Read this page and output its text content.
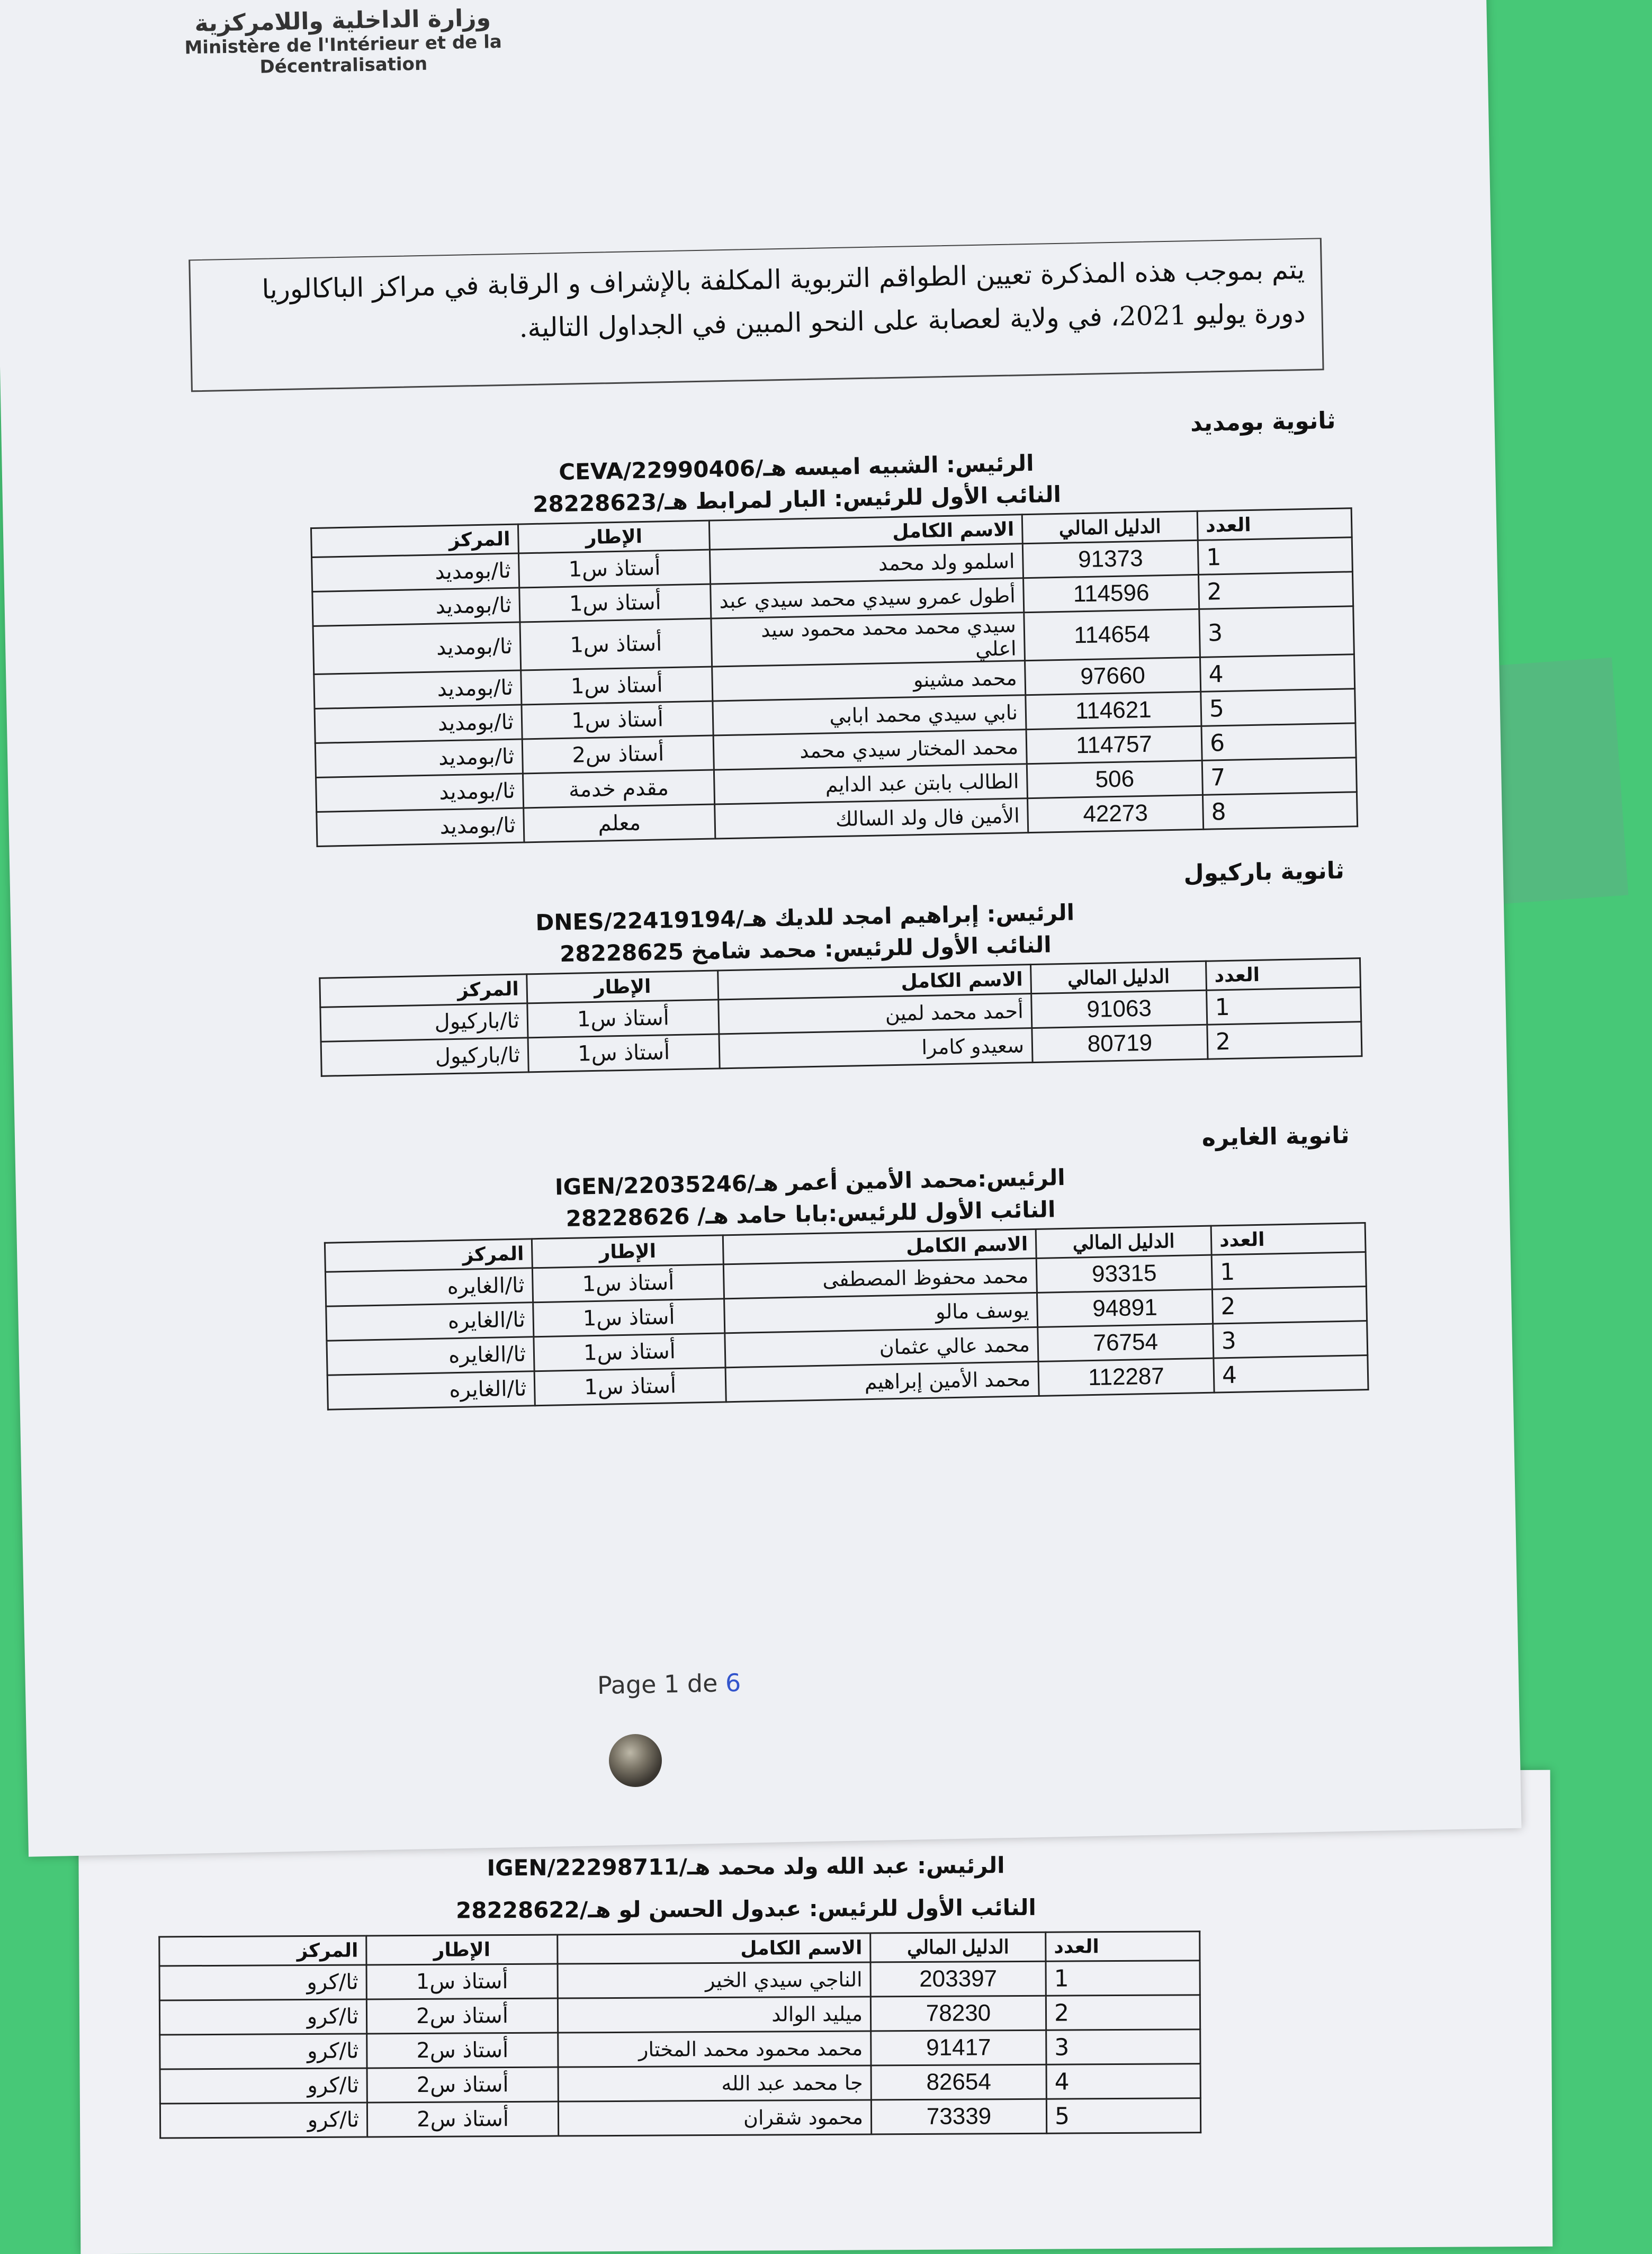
الرئيس: عبد الله ولد محمد هـ/IGEN/22298711
النائب الأول للرئيس: عبدول الحسن لو هـ/28228622
العدد	الدليل المالي	الاسم الكامل	الإطار	المركز
1	203397	الناجي سيدي الخير	أستاذ س1	ثا/كرو
2	78230	ميليد الوالد	أستاذ س2	ثا/كرو
3	91417	محمد محمود محمد المختار	أستاذ س2	ثا/كرو
4	82654	جا محمد عبد الله	أستاذ س2	ثا/كرو
5	73339	محمود شقران	أستاذ س2	ثا/كرو
وزارة الداخلية واللامركزية
Ministère de l'Intérieur et de la
Décentralisation
يتم بموجب هذه المذكرة تعيين الطواقم التربوية المكلفة بالإشراف و الرقابة في مراكز الباكالوريا دورة يوليو 2021، في ولاية لعصابة على النحو المبين في الجداول التالية.
ثانوية بومديد
الرئيس: الشبيه اميسه هـ/CEVA/22990406
النائب الأول للرئيس: البار لمرابط هـ/28228623
العدد	الدليل المالي	الاسم الكامل	الإطار	المركز
1	91373	اسلمو ولد محمد	أستاذ س1	ثا/بومديد
2	114596	أطول عمرو سيدي محمد سيدي عبد	أستاذ س1	ثا/بومديد
3	114654	سيدي محمد محمد محمود سيد اعلي	أستاذ س1	ثا/بومديد
4	97660	محمد مشينو	أستاذ س1	ثا/بومديد
5	114621	نابي سيدي محمد ابابي	أستاذ س1	ثا/بومديد
6	114757	محمد المختار سيدي محمد	أستاذ س2	ثا/بومديد
7	506	الطالب بابتن عبد الدايم	مقدم خدمة	ثا/بومديد
8	42273	الأمين فال ولد السالك	معلم	ثا/بومديد
ثانوية باركيول
الرئيس: إبراهيم امجد للديك هـ/DNES/22419194
النائب الأول للرئيس: محمد شامخ 28228625
العدد	الدليل المالي	الاسم الكامل	الإطار	المركز
1	91063	أحمد محمد لمين	أستاذ س1	ثا/باركيول
2	80719	سعيدو كامرا	أستاذ س1	ثا/باركيول
ثانوية الغايره
الرئيس:محمد الأمين أعمر هـ/IGEN/22035246
النائب الأول للرئيس:بابا حامد هـ/ 28228626
العدد	الدليل المالي	الاسم الكامل	الإطار	المركز
1	93315	محمد محفوظ المصطفى	أستاذ س1	ثا/الغايره
2	94891	يوسف مالو	أستاذ س1	ثا/الغايره
3	76754	محمد عالي عثمان	أستاذ س1	ثا/الغايره
4	112287	محمد الأمين إبراهيم	أستاذ س1	ثا/الغايره
Page 1 de 6
